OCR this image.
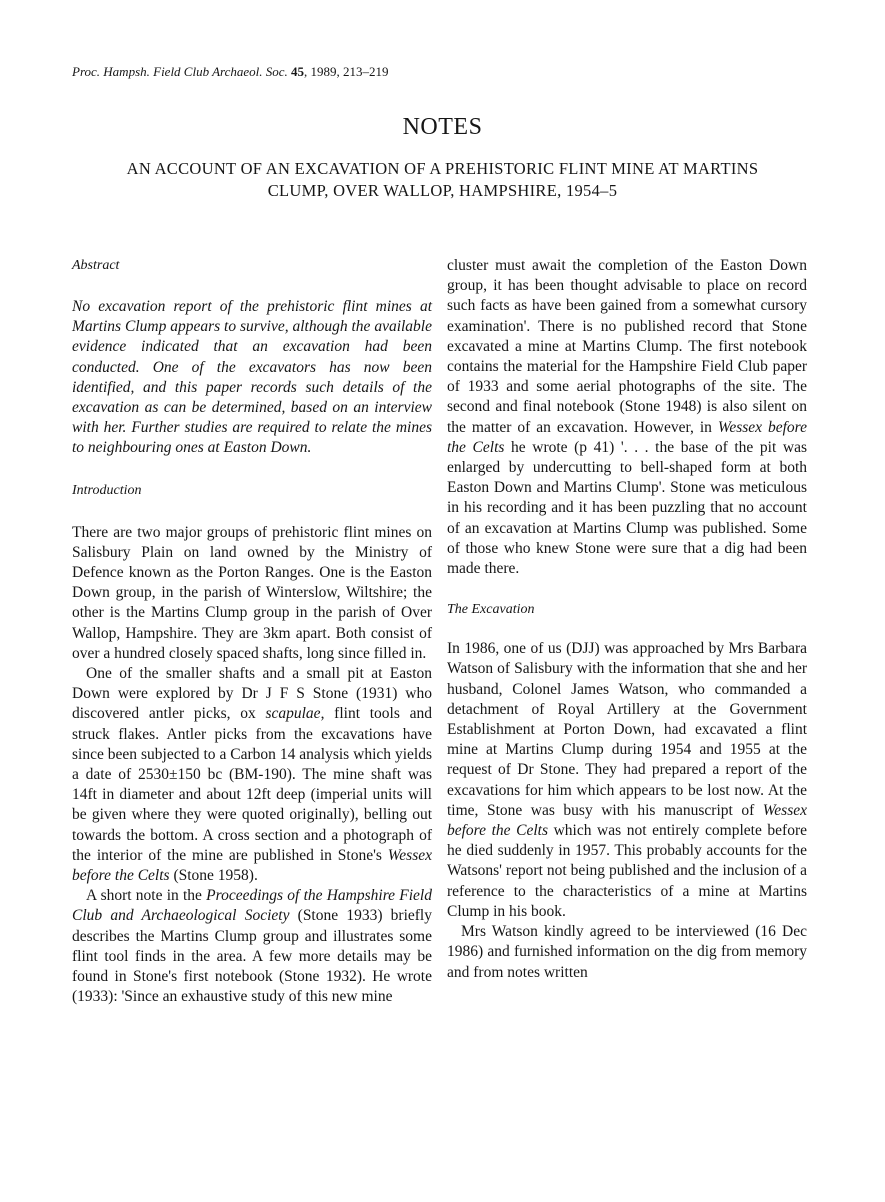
Proc. Hampsh. Field Club Archaeol. Soc. 45, 1989, 213–219
NOTES
AN ACCOUNT OF AN EXCAVATION OF A PREHISTORIC FLINT MINE AT MARTINS
CLUMP, OVER WALLOP, HAMPSHIRE, 1954–5
Abstract

No excavation report of the prehistoric flint mines at Martins Clump appears to survive, although the available evidence indicated that an excavation had been conducted. One of the excavators has now been identified, and this paper records such details of the excavation as can be determined, based on an interview with her. Further studies are required to relate the mines to neighbouring ones at Easton Down.

Introduction

There are two major groups of prehistoric flint mines on Salisbury Plain on land owned by the Ministry of Defence known as the Porton Ranges. One is the Easton Down group, in the parish of Winterslow, Wiltshire; the other is the Martins Clump group in the parish of Over Wallop, Hampshire. They are 3km apart. Both consist of over a hundred closely spaced shafts, long since filled in.

One of the smaller shafts and a small pit at Easton Down were explored by Dr J F S Stone (1931) who discovered antler picks, ox scapulae, flint tools and struck flakes. Antler picks from the excavations have since been subjected to a Carbon 14 analysis which yields a date of 2530±150 bc (BM-190). The mine shaft was 14ft in diameter and about 12ft deep (imperial units will be given where they were quoted originally), belling out towards the bottom. A cross section and a photograph of the interior of the mine are published in Stone's Wessex before the Celts (Stone 1958).

A short note in the Proceedings of the Hampshire Field Club and Archaeological Society (Stone 1933) briefly describes the Martins Clump group and illustrates some flint tool finds in the area. A few more details may be found in Stone's first notebook (Stone 1932). He wrote (1933): 'Since an exhaustive study of this new mine

cluster must await the completion of the Easton Down group, it has been thought advisable to place on record such facts as have been gained from a somewhat cursory examination'. There is no published record that Stone excavated a mine at Martins Clump. The first notebook contains the material for the Hampshire Field Club paper of 1933 and some aerial photographs of the site. The second and final notebook (Stone 1948) is also silent on the matter of an excavation. However, in Wessex before the Celts he wrote (p 41) '. . . the base of the pit was enlarged by undercutting to bell-shaped form at both Easton Down and Martins Clump'. Stone was meticulous in his recording and it has been puzzling that no account of an excavation at Martins Clump was published. Some of those who knew Stone were sure that a dig had been made there.

The Excavation

In 1986, one of us (DJJ) was approached by Mrs Barbara Watson of Salisbury with the information that she and her husband, Colonel James Watson, who commanded a detachment of Royal Artillery at the Government Establishment at Porton Down, had excavated a flint mine at Martins Clump during 1954 and 1955 at the request of Dr Stone. They had prepared a report of the excavations for him which appears to be lost now. At the time, Stone was busy with his manuscript of Wessex before the Celts which was not entirely complete before he died suddenly in 1957. This probably accounts for the Watsons' report not being published and the inclusion of a reference to the characteristics of a mine at Martins Clump in his book.

Mrs Watson kindly agreed to be interviewed (16 Dec 1986) and furnished information on the dig from memory and from notes written
